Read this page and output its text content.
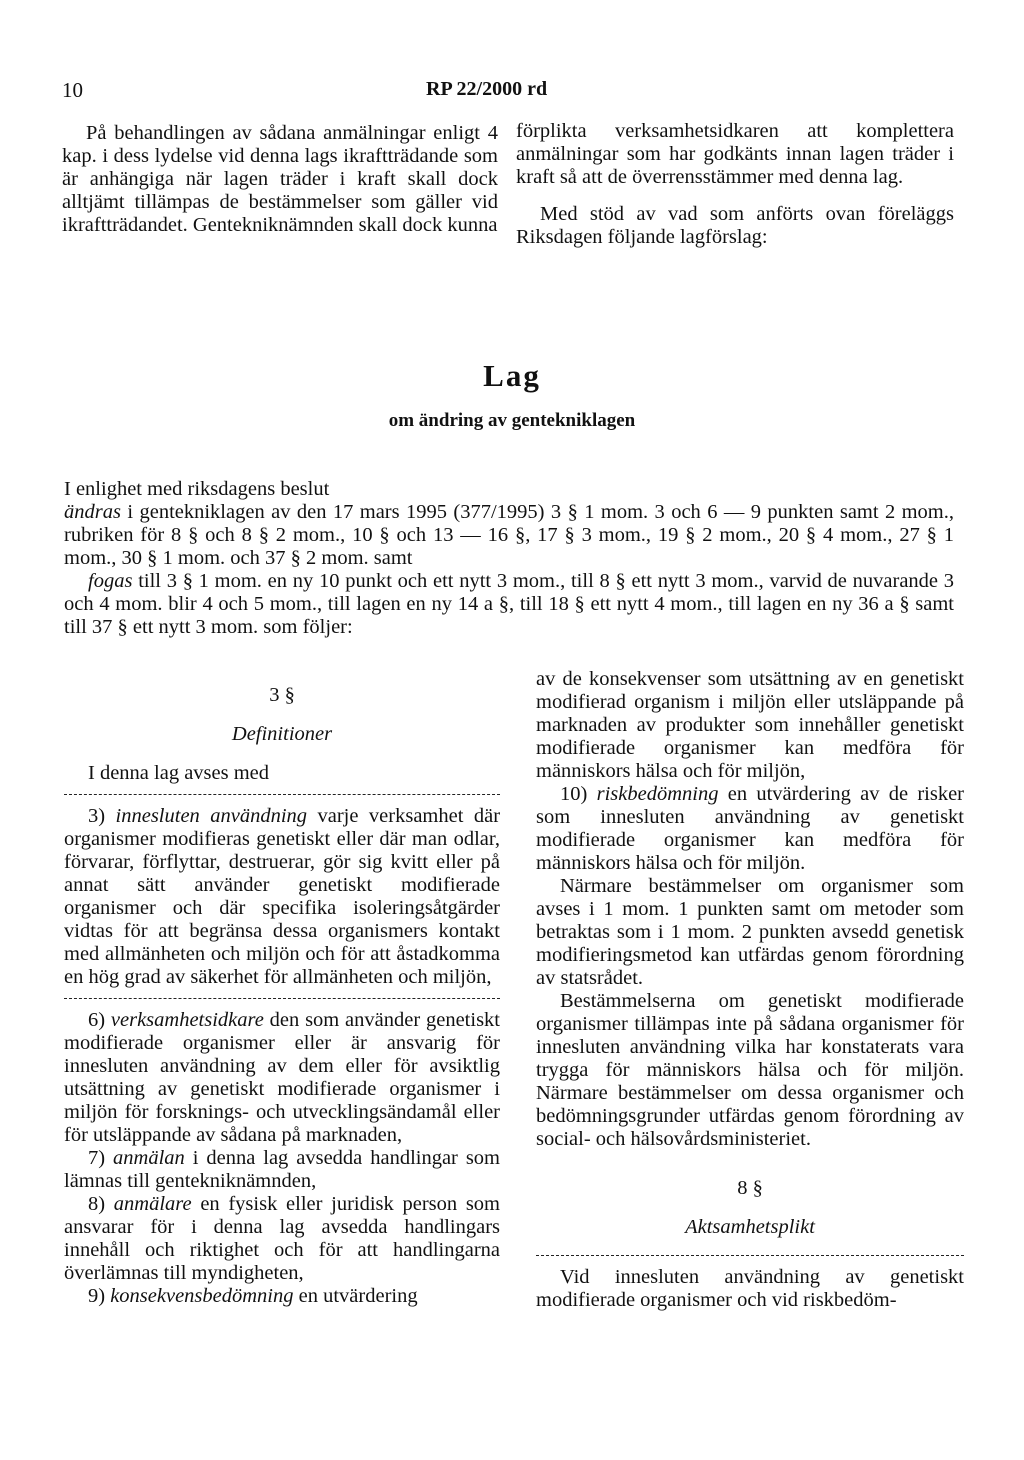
10	RP 22/2000 rd

På behandlingen av sådana anmälningar enligt 4 kap. i dess lydelse vid denna lags ikraftträdande som är anhängiga när lagen träder i kraft skall dock alltjämt tillämpas de bestämmelser som gäller vid ikraftträdandet. Gentekniknämnden skall dock kunna

förplikta verksamhetsidkaren att komplettera anmälningar som har godkänts innan lagen träder i kraft så att de överrensstämmer med denna lag.

Med stöd av vad som anförts ovan föreläggs Riksdagen följande lagförslag:

Lag
om ändring av gentekniklagen

I enlighet med riksdagens beslut

ändras i gentekniklagen av den 17 mars 1995 (377/1995) 3 § 1 mom. 3 och 6 — 9 punkten samt 2 mom., rubriken för 8 § och 8 § 2 mom., 10 § och 13 — 16 §, 17 § 3 mom., 19 § 2 mom., 20 § 4 mom., 27 § 1 mom., 30 § 1 mom. och 37 § 2 mom. samt

fogas till 3 § 1 mom. en ny 10 punkt och ett nytt 3 mom., till 8 § ett nytt 3 mom., varvid de nuvarande 3 och 4 mom. blir 4 och 5 mom., till lagen en ny 14 a §, till 18 § ett nytt 4 mom., till lagen en ny 36 a § samt till 37 § ett nytt 3 mom. som följer:

3 §

Definitioner

I denna lag avses med

3) innesluten användning varje verksamhet där organismer modifieras genetiskt eller där man odlar, förvarar, förflyttar, destruerar, gör sig kvitt eller på annat sätt använder genetiskt modifierade organismer och där specifika isoleringsåtgärder vidtas för att begränsa dessa organismers kontakt med allmänheten och miljön och för att åstadkomma en hög grad av säkerhet för allmänheten och miljön,

6) verksamhetsidkare den som använder genetiskt modifierade organismer eller är ansvarig för innesluten användning av dem eller för avsiktlig utsättning av genetiskt modifierade organismer i miljön för forsknings- och utvecklingsändamål eller för utsläppande av sådana på marknaden,

7) anmälan i denna lag avsedda handlingar som lämnas till gentekniknämnden,

8) anmälare en fysisk eller juridisk person som ansvarar för i denna lag avsedda handlingars innehåll och riktighet och för att handlingarna överlämnas till myndigheten,

9) konsekvensbedömning en utvärdering

av de konsekvenser som utsättning av en genetiskt modifierad organism i miljön eller utsläppande på marknaden av produkter som innehåller genetiskt modifierade organismer kan medföra för människors hälsa och för miljön,

10) riskbedömning en utvärdering av de risker som innesluten användning av genetiskt modifierade organismer kan medföra för människors hälsa och för miljön.

Närmare bestämmelser om organismer som avses i 1 mom. 1 punkten samt om metoder som betraktas som i 1 mom. 2 punkten avsedd genetisk modifieringsmetod kan utfärdas genom förordning av statsrådet.

Bestämmelserna om genetiskt modifierade organismer tillämpas inte på sådana organismer för innesluten användning vilka har konstaterats vara trygga för människors hälsa och för miljön. Närmare bestämmelser om dessa organismer och bedömningsgrunder utfärdas genom förordning av social- och hälsovårdsministeriet.

8 §

Aktsamhetsplikt

Vid innesluten användning av genetiskt modifierade organismer och vid riskbedöm-
